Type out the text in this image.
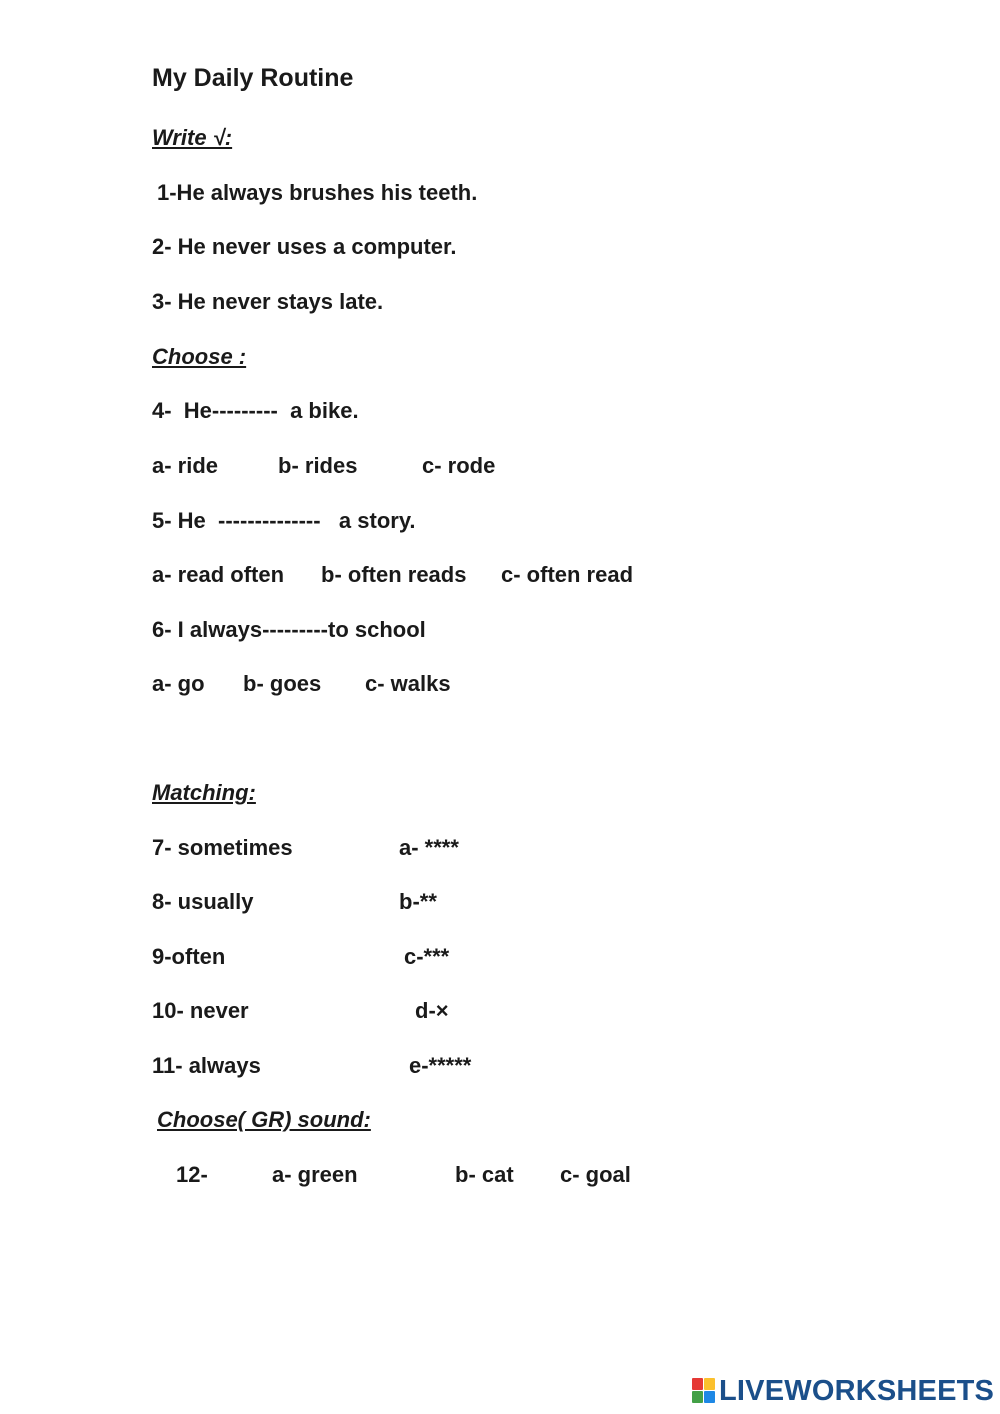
My Daily Routine
Write √:
1-He always brushes his teeth.
2- He never uses a computer.
3- He never stays late.
Choose :
4-  He---------  a bike.
a- ride	b- rides	c- rode
5- He  --------------   a story.
a- read often b- often reads c- often read
6- I always---------to school
a- go b- goes c- walks
Matching:
7- sometimes	a- ****
8- usually	b-**
9-often	c-***
10- never	d-×
11- always	e-*****
Choose( GR) sound:
12-	a- green	b- cat c- goal
LIVEWORKSHEETS
